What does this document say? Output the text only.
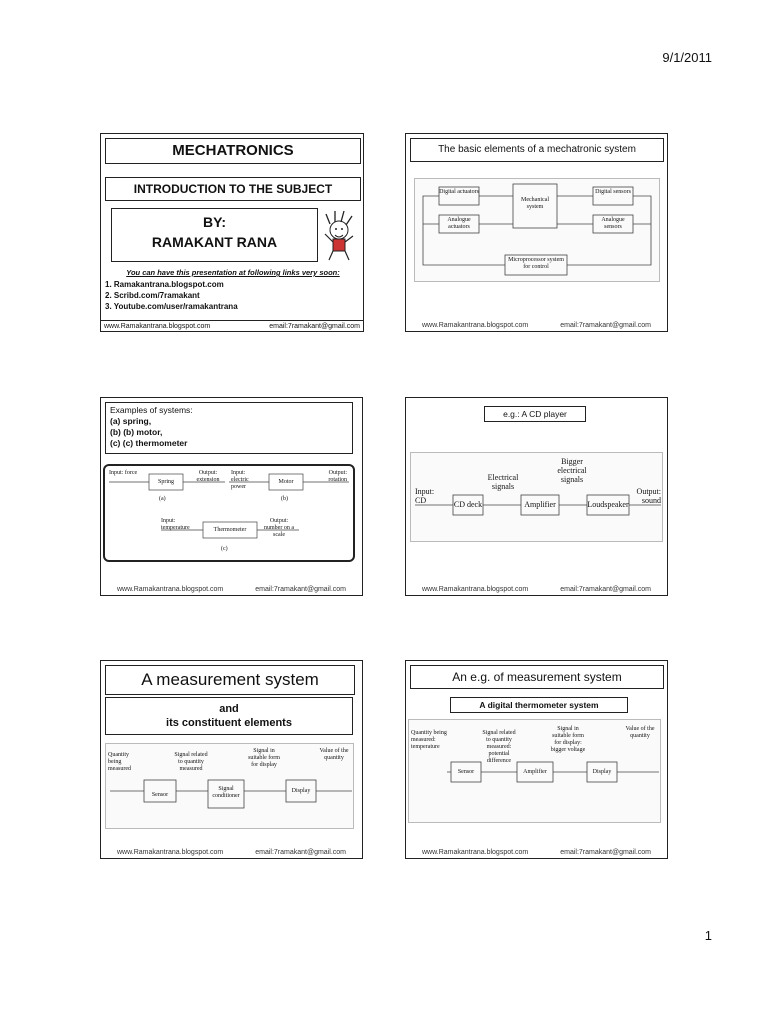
9/1/2011
1
MECHATRONICS
INTRODUCTION TO THE SUBJECT
BY:
RAMAKANT RANA
You can have this presentation at following links very soon:
1. Ramakantrana.blogspot.com
2. Scribd.com/7ramakant
3. Youtube.com/user/ramakantrana
www.Ramakantrana.blogspot.com	email:7ramakant@gmail.com
The basic elements of a mechatronic system
Digital actuators
Analogue actuators
Mechanical system
Digital sensors
Analogue sensors
Microprocessor system for control
www.Ramakantrana.blogspot.com	email:7ramakant@gmail.com
Examples of systems:
(a) spring,
(b) (b) motor,
(c) (c) thermometer
Input: force
Spring
Output: extension
(a)
Input: electric power
Motor
Output: rotation
(b)
Input: temperature	Thermometer
Output: number on a scale
(c)
www.Ramakantrana.blogspot.com	email:7ramakant@gmail.com
e.g.: A CD player
Input: CD	CD deck
Electrical signals
Amplifier
Bigger electrical signals
Loudspeaker
Output: sound
www.Ramakantrana.blogspot.com	email:7ramakant@gmail.com
A measurement system
and
its constituent elements
Quantity being measured
Sensor
Signal related to quantity measured
Signal conditioner
Signal in suitable form for display
Display
Value of the quantity
www.Ramakantrana.blogspot.com	email:7ramakant@gmail.com
An e.g. of measurement system
A digital thermometer system
Quantity being measured: temperature
Sensor
Signal related to quantity measured: potential difference
Amplifier
Signal in suitable form for display: bigger voltage
Display
Value of the quantity
www.Ramakantrana.blogspot.com	email:7ramakant@gmail.com
